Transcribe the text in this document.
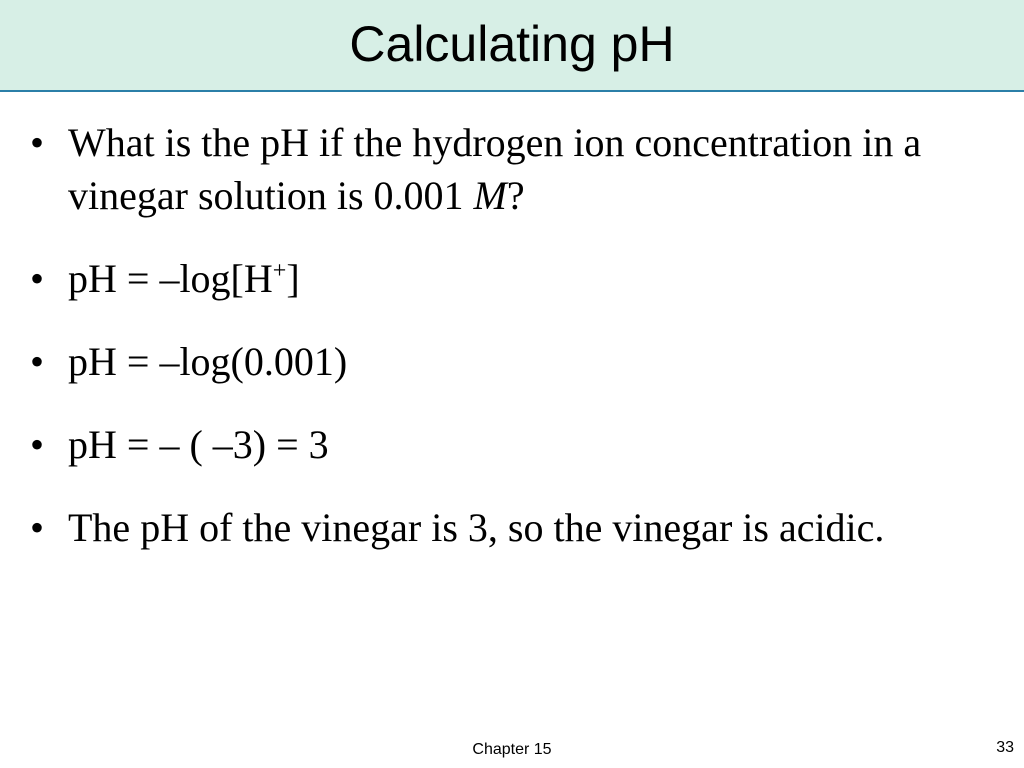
Calculating pH
• What is the pH if the hydrogen ion concentration in a vinegar solution is 0.001 M?
• pH = –log[H+]
• pH = –log(0.001)
• pH = – ( –3) = 3
• The pH of the vinegar is 3, so the vinegar is acidic.
Chapter 15	33
